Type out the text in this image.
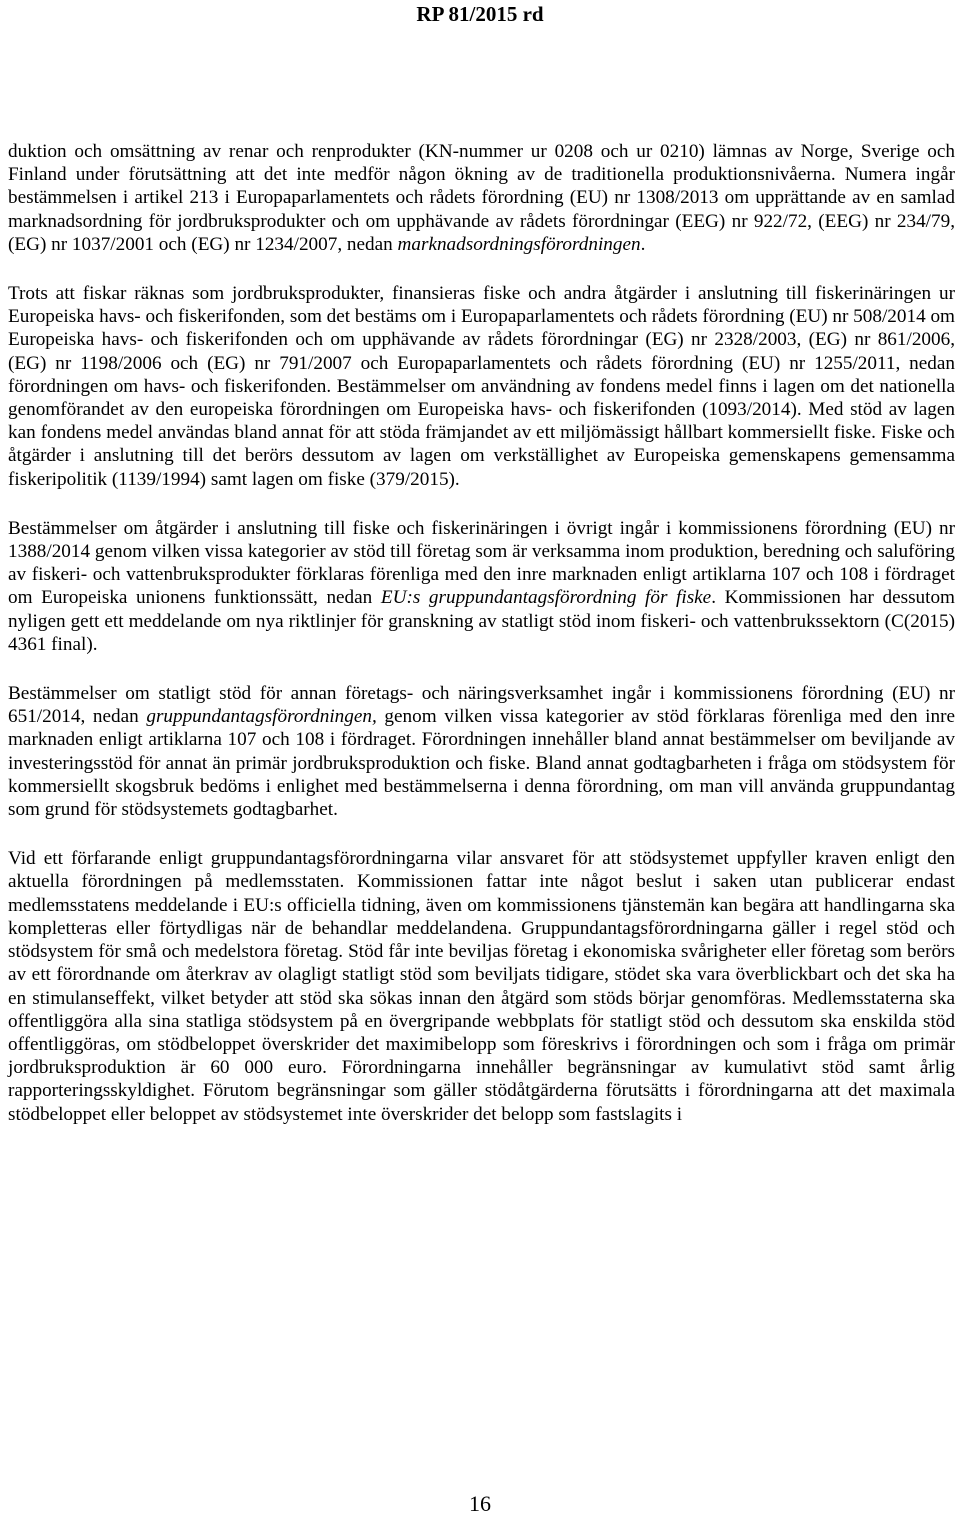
RP 81/2015 rd

duktion och omsättning av renar och renprodukter (KN-nummer ur 0208 och ur 0210) lämnas av Norge, Sverige och Finland under förutsättning att det inte medför någon ökning av de traditionella produktionsnivåerna. Numera ingår bestämmelsen i artikel 213 i Europaparlamentets och rådets förordning (EU) nr 1308/2013 om upprättande av en samlad marknadsordning för jordbruksprodukter och om upphävande av rådets förordningar (EEG) nr 922/72, (EEG) nr 234/79, (EG) nr 1037/2001 och (EG) nr 1234/2007, nedan marknadsordningsförordningen.

Trots att fiskar räknas som jordbruksprodukter, finansieras fiske och andra åtgärder i anslutning till fiskerinäringen ur Europeiska havs- och fiskerifonden, som det bestäms om i Europaparlamentets och rådets förordning (EU) nr 508/2014 om Europeiska havs- och fiskerifonden och om upphävande av rådets förordningar (EG) nr 2328/2003, (EG) nr 861/2006, (EG) nr 1198/2006 och (EG) nr 791/2007 och Europaparlamentets och rådets förordning (EU) nr 1255/2011, nedan förordningen om havs- och fiskerifonden. Bestämmelser om användning av fondens medel finns i lagen om det nationella genomförandet av den europeiska förordningen om Europeiska havs- och fiskerifonden (1093/2014). Med stöd av lagen kan fondens medel användas bland annat för att stöda främjandet av ett miljömässigt hållbart kommersiellt fiske. Fiske och åtgärder i anslutning till det berörs dessutom av lagen om verkställighet av Europeiska gemenskapens gemensamma fiskeripolitik (1139/1994) samt lagen om fiske (379/2015).

Bestämmelser om åtgärder i anslutning till fiske och fiskerinäringen i övrigt ingår i kommissionens förordning (EU) nr 1388/2014 genom vilken vissa kategorier av stöd till företag som är verksamma inom produktion, beredning och saluföring av fiskeri- och vattenbruksprodukter förklaras förenliga med den inre marknaden enligt artiklarna 107 och 108 i fördraget om Europeiska unionens funktionssätt, nedan EU:s gruppundantagsförordning för fiske. Kommissionen har dessutom nyligen gett ett meddelande om nya riktlinjer för granskning av statligt stöd inom fiskeri- och vattenbrukssektorn (C(2015) 4361 final).

Bestämmelser om statligt stöd för annan företags- och näringsverksamhet ingår i kommissionens förordning (EU) nr 651/2014, nedan gruppundantagsförordningen, genom vilken vissa kategorier av stöd förklaras förenliga med den inre marknaden enligt artiklarna 107 och 108 i fördraget. Förordningen innehåller bland annat bestämmelser om beviljande av investeringsstöd för annat än primär jordbruksproduktion och fiske. Bland annat godtagbarheten i fråga om stödsystem för kommersiellt skogsbruk bedöms i enlighet med bestämmelserna i denna förordning, om man vill använda gruppundantag som grund för stödsystemets godtagbarhet.

Vid ett förfarande enligt gruppundantagsförordningarna vilar ansvaret för att stödsystemet uppfyller kraven enligt den aktuella förordningen på medlemsstaten. Kommissionen fattar inte något beslut i saken utan publicerar endast medlemsstatens meddelande i EU:s officiella tidning, även om kommissionens tjänstemän kan begära att handlingarna ska kompletteras eller förtydligas när de behandlar meddelandena. Gruppundantagsförordningarna gäller i regel stöd och stödsystem för små och medelstora företag. Stöd får inte beviljas företag i ekonomiska svårigheter eller företag som berörs av ett förordnande om återkrav av olagligt statligt stöd som beviljats tidigare, stödet ska vara överblickbart och det ska ha en stimulanseffekt, vilket betyder att stöd ska sökas innan den åtgärd som stöds börjar genomföras. Medlemsstaterna ska offentliggöra alla sina statliga stödsystem på en övergripande webbplats för statligt stöd och dessutom ska enskilda stöd offentliggöras, om stödbeloppet överskrider det maximibelopp som föreskrivs i förordningen och som i fråga om primär jordbruksproduktion är 60 000 euro. Förordningarna innehåller begränsningar av kumulativt stöd samt årlig rapporteringsskyldighet. Förutom begränsningar som gäller stödåtgärderna förutsätts i förordningarna att det maximala stödbeloppet eller beloppet av stödsystemet inte överskrider det belopp som fastslagits i

16
